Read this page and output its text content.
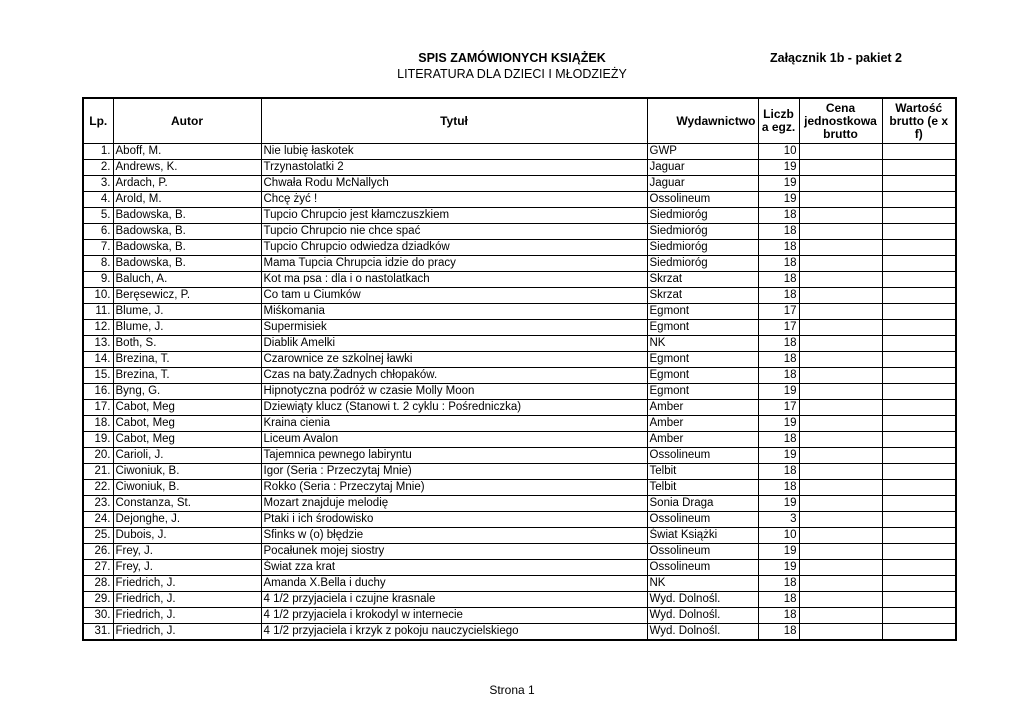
SPIS ZAMÓWIONYCH KSIĄŻEK
LITERATURA DLA DZIECI I MŁODZIEŻY
Załącznik 1b - pakiet 2
Lp.	Autor	Tytuł	Wydawnictwo	Liczb a egz.	Cena jednostkowa brutto	Wartość brutto (e x f)
1.	Aboff, M.	Nie lubię łaskotek	GWP	10		
2.	Andrews, K.	Trzynastolatki 2	Jaguar	19		
3.	Ardach, P.	Chwała Rodu McNallych	Jaguar	19		
4.	Arold, M.	Chcę żyć !	Ossolineum	19		
5.	Badowska, B.	Tupcio Chrupcio jest kłamczuszkiem	Siedmioróg	18		
6.	Badowska, B.	Tupcio Chrupcio nie chce spać	Siedmioróg	18		
7.	Badowska, B.	Tupcio Chrupcio odwiedza dziadków	Siedmioróg	18		
8.	Badowska, B.	Mama Tupcia Chrupcia idzie do pracy	Siedmioróg	18		
9.	Baluch, A.	Kot ma psa : dla i o nastolatkach	Skrzat	18		
10.	Beręsewicz, P.	Co tam u Ciumków	Skrzat	18		
11.	Blume, J.	Miśkomania	Egmont	17		
12.	Blume, J.	Supermisiek	Egmont	17		
13.	Both, S.	Diablik Amelki	NK	18		
14.	Brezina, T.	Czarownice ze szkolnej ławki	Egmont	18		
15.	Brezina, T.	Czas na baty.Żadnych chłopaków.	Egmont	18		
16.	Byng, G.	Hipnotyczna podróż w czasie Molly Moon	Egmont	19		
17.	Cabot, Meg	Dziewiąty klucz (Stanowi t. 2 cyklu : Pośredniczka)	Amber	17		
18.	Cabot, Meg	Kraina cienia	Amber	19		
19.	Cabot, Meg	Liceum Avalon	Amber	18		
20.	Carioli, J.	Tajemnica pewnego labiryntu	Ossolineum	19		
21.	Ciwoniuk, B.	Igor (Seria : Przeczytaj Mnie)	Telbit	18		
22.	Ciwoniuk, B.	Rokko (Seria : Przeczytaj Mnie)	Telbit	18		
23.	Constanza, St.	Mozart znajduje melodię	Sonia Draga	19		
24.	Dejonghe, J.	Ptaki i ich środowisko	Ossolineum	3		
25.	Dubois, J.	Sfinks w (o) błędzie	Świat Książki	10		
26.	Frey, J.	Pocałunek mojej siostry	Ossolineum	19		
27.	Frey, J.	Świat zza krat	Ossolineum	19		
28.	Friedrich, J.	Amanda X.Bella i duchy	NK	18		
29.	Friedrich, J.	4 1/2 przyjaciela i czujne krasnale	Wyd. Dolnośl.	18		
30.	Friedrich, J.	4 1/2 przyjaciela i krokodyl w internecie	Wyd. Dolnośl.	18		
31.	Friedrich, J.	4 1/2 przyjaciela i krzyk z pokoju nauczycielskiego	Wyd. Dolnośl.	18		
Strona 1
